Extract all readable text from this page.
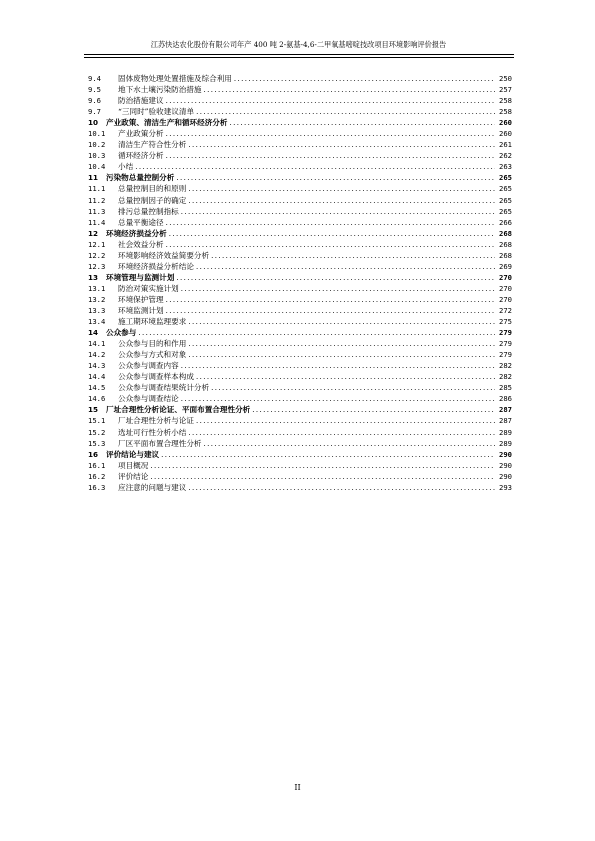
江苏快达农化股份有限公司年产 400 吨 2-氨基-4,6-二甲氧基嘧啶技改项目环境影响评价报告
9.4	固体废物处理处置措施及综合利用 .....	250
9.5	地下水土壤污染防治措施 .....	257
9.6	防治措施建议 .....	258
9.7	“三同时”验收建议清单 .....	258
10	产业政策、清洁生产和循环经济分析 .....	260
10.1	产业政策分析 .....	260
10.2	清洁生产符合性分析 .....	261
10.3	循环经济分析 .....	262
10.4	小结 .....	263
11	污染物总量控制分析 .....	265
11.1	总量控制目的和原则 .....	265
11.2	总量控制因子的确定 .....	265
11.3	排污总量控制指标 .....	265
11.4	总量平衡途径 .....	266
12	环境经济损益分析 .....	268
12.1	社会效益分析 .....	268
12.2	环境影响经济效益简要分析 .....	268
12.3	环境经济损益分析结论 .....	269
13	环境管理与监测计划 .....	270
13.1	防治对策实施计划 .....	270
13.2	环境保护管理 .....	270
13.3	环境监测计划 .....	272
13.4	施工期环境监理要求 .....	275
14	公众参与 .....	279
14.1	公众参与目的和作用 .....	279
14.2	公众参与方式和对象 .....	279
14.3	公众参与调查内容 .....	282
14.4	公众参与调查样本构成 .....	282
14.5	公众参与调查结果统计分析 .....	285
14.6	公众参与调查结论 .....	286
15	厂址合理性分析论证、平面布置合理性分析 .....	287
15.1	厂址合理性分析与论证 .....	287
15.2	选址可行性分析小结 .....	289
15.3	厂区平面布置合理性分析 .....	289
16	评价结论与建议 .....	290
16.1	项目概况 .....	290
16.2	评价结论 .....	290
16.3	应注意的问题与建议 .....	293
II
